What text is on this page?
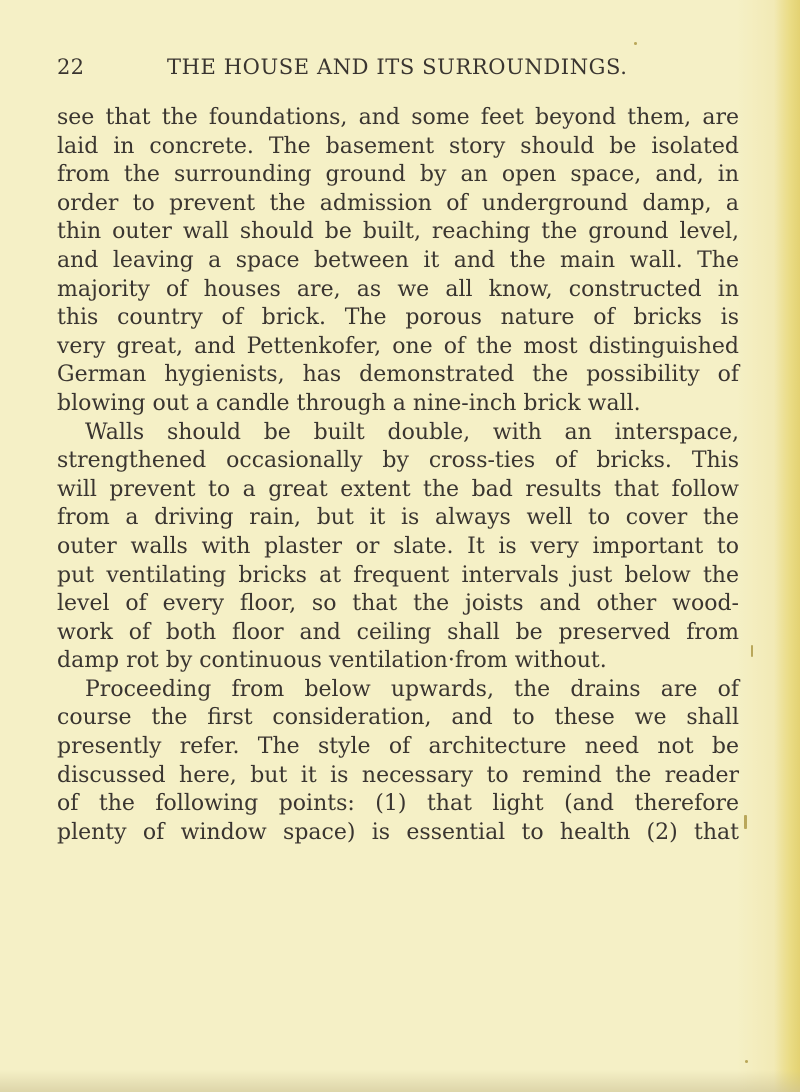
22	THE HOUSE AND ITS SURROUNDINGS.
see that the foundations, and some feet beyond them, are
laid in concrete. The basement story should be isolated
from the surrounding ground by an open space, and, in
order to prevent the admission of underground damp, a
thin outer wall should be built, reaching the ground level,
and leaving a space between it and the main wall. The
majority of houses are, as we all know, constructed in
this country of brick. The porous nature of bricks is
very great, and Pettenkofer, one of the most distinguished
German hygienists, has demonstrated the possibility of
blowing out a candle through a nine-inch brick wall.
Walls should be built double, with an interspace,
strengthened occasionally by cross-ties of bricks. This
will prevent to a great extent the bad results that follow
from a driving rain, but it is always well to cover the
outer walls with plaster or slate. It is very important to
put ventilating bricks at frequent intervals just below the
level of every floor, so that the joists and other wood-
work of both floor and ceiling shall be preserved from
damp rot by continuous ventilation·from without.
Proceeding from below upwards, the drains are of
course the first consideration, and to these we shall
presently refer. The style of architecture need not be
discussed here, but it is necessary to remind the reader
of the following points: (1) that light (and therefore
plenty of window space) is essential to health (2) that
